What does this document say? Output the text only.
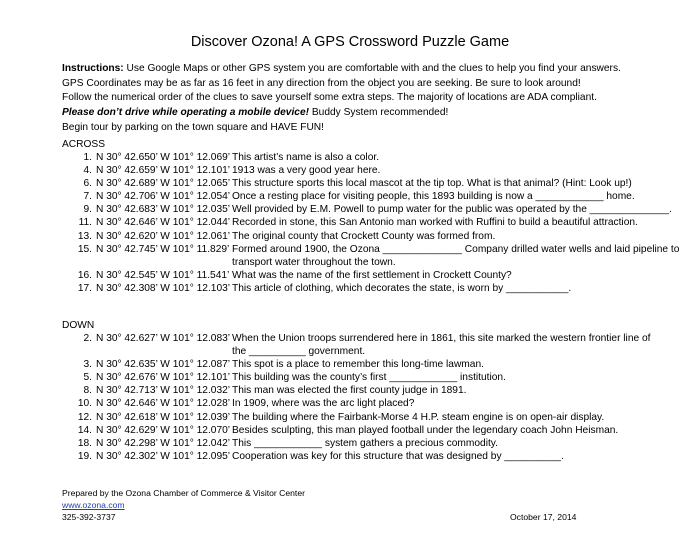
Discover Ozona! A GPS Crossword Puzzle Game
Instructions: Use Google Maps or other GPS system you are comfortable with and the clues to help you find your answers.
GPS Coordinates may be as far as 16 feet in any direction from the object you are seeking. Be sure to look around!
Follow the numerical order of the clues to save yourself some extra steps. The majority of locations are ADA compliant.
Please don’t drive while operating a mobile device! Buddy System recommended!
Begin tour by parking on the town square and HAVE FUN!
ACROSS
1. N 30° 42.650’ W 101° 12.069’ This artist’s name is also a color.
4. N 30° 42.659’ W 101° 12.101’ 1913 was a very good year here.
6. N 30° 42.689’ W 101° 12.065’ This structure sports this local mascot at the tip top. What is that animal? (Hint: Look up!)
7. N 30° 42.706’ W 101° 12.054’ Once a resting place for visiting people, this 1893 building is now a ____________ home.
9. N 30° 42.683’ W 101° 12.035’ Well provided by E.M. Powell to pump water for the public was operated by the ______________.
11. N 30° 42.646’ W 101° 12.044’ Recorded in stone, this San Antonio man worked with Ruffini to build a beautiful attraction.
13. N 30° 42.620’ W 101° 12.061’ The original county that Crockett County was formed from.
15. N 30° 42.745’ W 101° 11.829’ Formed around 1900, the Ozona ______________ Company drilled water wells and laid pipeline to
transport water throughout the town.
16. N 30° 42.545’ W 101° 11.541’ What was the name of the first settlement in Crockett County?
17. N 30° 42.308’ W 101° 12.103’ This article of clothing, which decorates the state, is worn by ___________.
DOWN
2. N 30° 42.627’ W 101° 12.083’ When the Union troops surrendered here in 1861, this site marked the western frontier line of
the __________ government.
3. N 30° 42.635’ W 101° 12.087’ This spot is a place to remember this long-time lawman.
5. N 30° 42.676’ W 101° 12.101’ This building was the county’s first ____________ institution.
8. N 30° 42.713’ W 101° 12.032’ This man was elected the first county judge in 1891.
10. N 30° 42.646’ W 101° 12.028’ In 1909, where was the arc light placed?
12. N 30° 42.618’ W 101° 12.039’ The building where the Fairbank-Morse 4 H.P. steam engine is on open-air display.
14. N 30° 42.629’ W 101° 12.070’ Besides sculpting, this man played football under the legendary coach John Heisman.
18. N 30° 42.298’ W 101° 12.042’ This ____________ system gathers a precious commodity.
19. N 30° 42.302’ W 101° 12.095’ Cooperation was key for this structure that was designed by __________.
Prepared by the Ozona Chamber of Commerce & Visitor Center
www.ozona.com
325-392-3737	October 17, 2014
